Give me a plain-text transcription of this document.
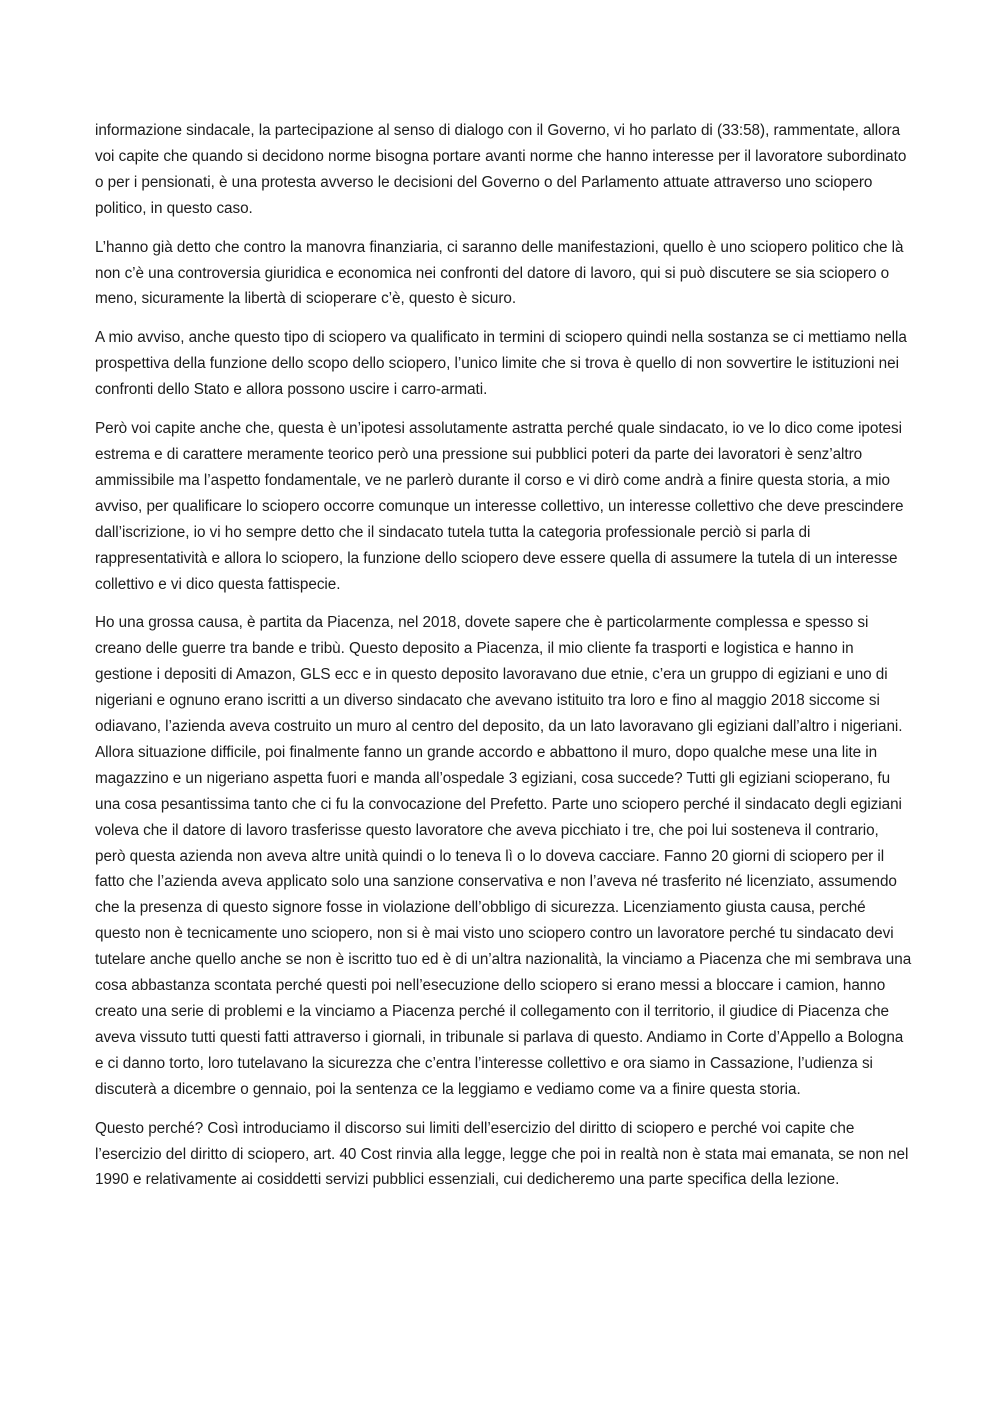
informazione sindacale, la partecipazione al senso di dialogo con il Governo, vi ho parlato di (33:58), rammentate, allora voi capite che quando si decidono norme bisogna portare avanti norme che hanno interesse per il lavoratore subordinato o per i pensionati, è una protesta avverso le decisioni del Governo o del Parlamento attuate attraverso uno sciopero politico, in questo caso.

L’hanno già detto che contro la manovra finanziaria, ci saranno delle manifestazioni, quello è uno sciopero politico che là non c’è una controversia giuridica e economica nei confronti del datore di lavoro, qui si può discutere se sia sciopero o meno, sicuramente la libertà di scioperare c’è, questo è sicuro.

A mio avviso, anche questo tipo di sciopero va qualificato in termini di sciopero quindi nella sostanza se ci mettiamo nella prospettiva della funzione dello scopo dello sciopero, l’unico limite che si trova è quello di non sovvertire le istituzioni nei confronti dello Stato e allora possono uscire i carro-armati.

Però voi capite anche che, questa è un’ipotesi assolutamente astratta perché quale sindacato, io ve lo dico come ipotesi estrema e di carattere meramente teorico però una pressione sui pubblici poteri da parte dei lavoratori è senz’altro ammissibile ma l’aspetto fondamentale, ve ne parlerò durante il corso e vi dirò come andrà a finire questa storia, a mio avviso, per qualificare lo sciopero occorre comunque un interesse collettivo, un interesse collettivo che deve prescindere dall’iscrizione, io vi ho sempre detto che il sindacato tutela tutta la categoria professionale perciò si parla di rappresentatività e allora lo sciopero, la funzione dello sciopero deve essere quella di assumere la tutela di un interesse collettivo e vi dico questa fattispecie.

Ho una grossa causa, è partita da Piacenza, nel 2018, dovete sapere che è particolarmente complessa e spesso si creano delle guerre tra bande e tribù. Questo deposito a Piacenza, il mio cliente fa trasporti e logistica e hanno in gestione i depositi di Amazon, GLS ecc e in questo deposito lavoravano due etnie, c’era un gruppo di egiziani e uno di nigeriani e ognuno erano iscritti a un diverso sindacato che avevano istituito tra loro e fino al maggio 2018 siccome si odiavano, l’azienda aveva costruito un muro al centro del deposito, da un lato lavoravano gli egiziani dall’altro i nigeriani. Allora situazione difficile, poi finalmente fanno un grande accordo e abbattono il muro, dopo qualche mese una lite in magazzino e un nigeriano aspetta fuori e manda all’ospedale 3 egiziani, cosa succede? Tutti gli egiziani scioperano, fu una cosa pesantissima tanto che ci fu la convocazione del Prefetto. Parte uno sciopero perché il sindacato degli egiziani voleva che il datore di lavoro trasferisse questo lavoratore che aveva picchiato i tre, che poi lui sosteneva il contrario, però questa azienda non aveva altre unità quindi o lo teneva lì o lo doveva cacciare. Fanno 20 giorni di sciopero per il fatto che l’azienda aveva applicato solo una sanzione conservativa e non l’aveva né trasferito né licenziato, assumendo che la presenza di questo signore fosse in violazione dell’obbligo di sicurezza. Licenziamento giusta causa, perché questo non è tecnicamente uno sciopero, non si è mai visto uno sciopero contro un lavoratore perché tu sindacato devi tutelare anche quello anche se non è iscritto tuo ed è di un’altra nazionalità, la vinciamo a Piacenza che mi sembrava una cosa abbastanza scontata perché questi poi nell’esecuzione dello sciopero si erano messi a bloccare i camion, hanno creato una serie di problemi e la vinciamo a Piacenza perché il collegamento con il territorio, il giudice di Piacenza che aveva vissuto tutti questi fatti attraverso i giornali, in tribunale si parlava di questo. Andiamo in Corte d’Appello a Bologna e ci danno torto, loro tutelavano la sicurezza che c’entra l’interesse collettivo e ora siamo in Cassazione, l’udienza si discuterà a dicembre o gennaio, poi la sentenza ce la leggiamo e vediamo come va a finire questa storia.

Questo perché? Così introduciamo il discorso sui limiti dell’esercizio del diritto di sciopero e perché voi capite che l’esercizio del diritto di sciopero, art. 40 Cost rinvia alla legge, legge che poi in realtà non è stata mai emanata, se non nel 1990 e relativamente ai cosiddetti servizi pubblici essenziali, cui dedicheremo una parte specifica della lezione.
